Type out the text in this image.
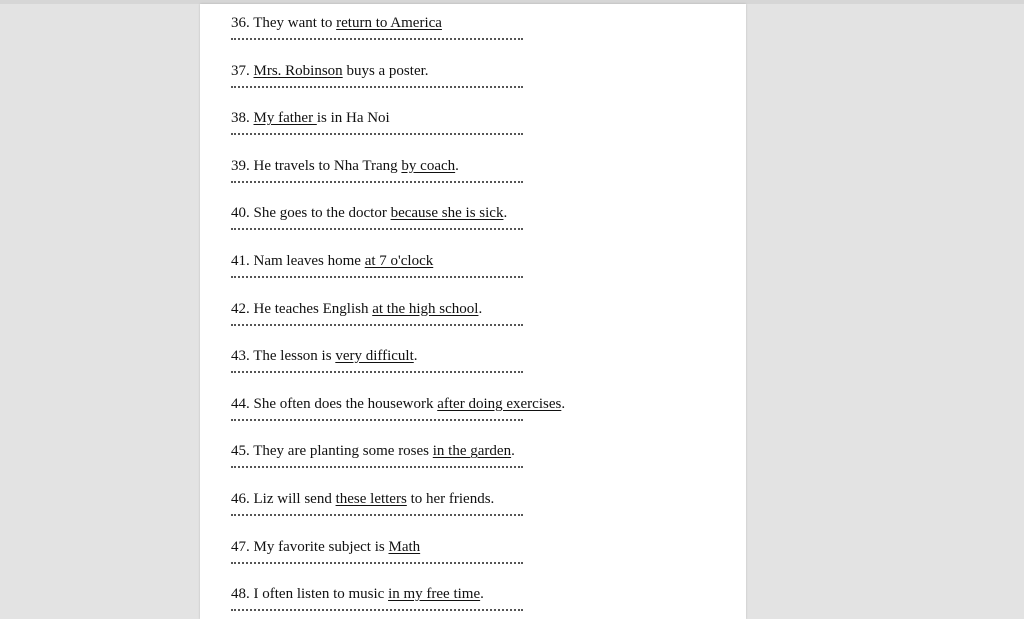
36. They want to return to America
37. Mrs. Robinson buys a poster.
38. My father is in Ha Noi
39. He travels to Nha Trang by coach.
40. She goes to the doctor because she is sick.
41. Nam leaves home at 7 o'clock
42. He teaches English at the high school.
43. The lesson is very difficult.
44. She often does the housework after doing exercises.
45. They are planting some roses in the garden.
46. Liz will send these letters to her friends.
47. My favorite subject is Math
48. I often listen to music in my free time.
